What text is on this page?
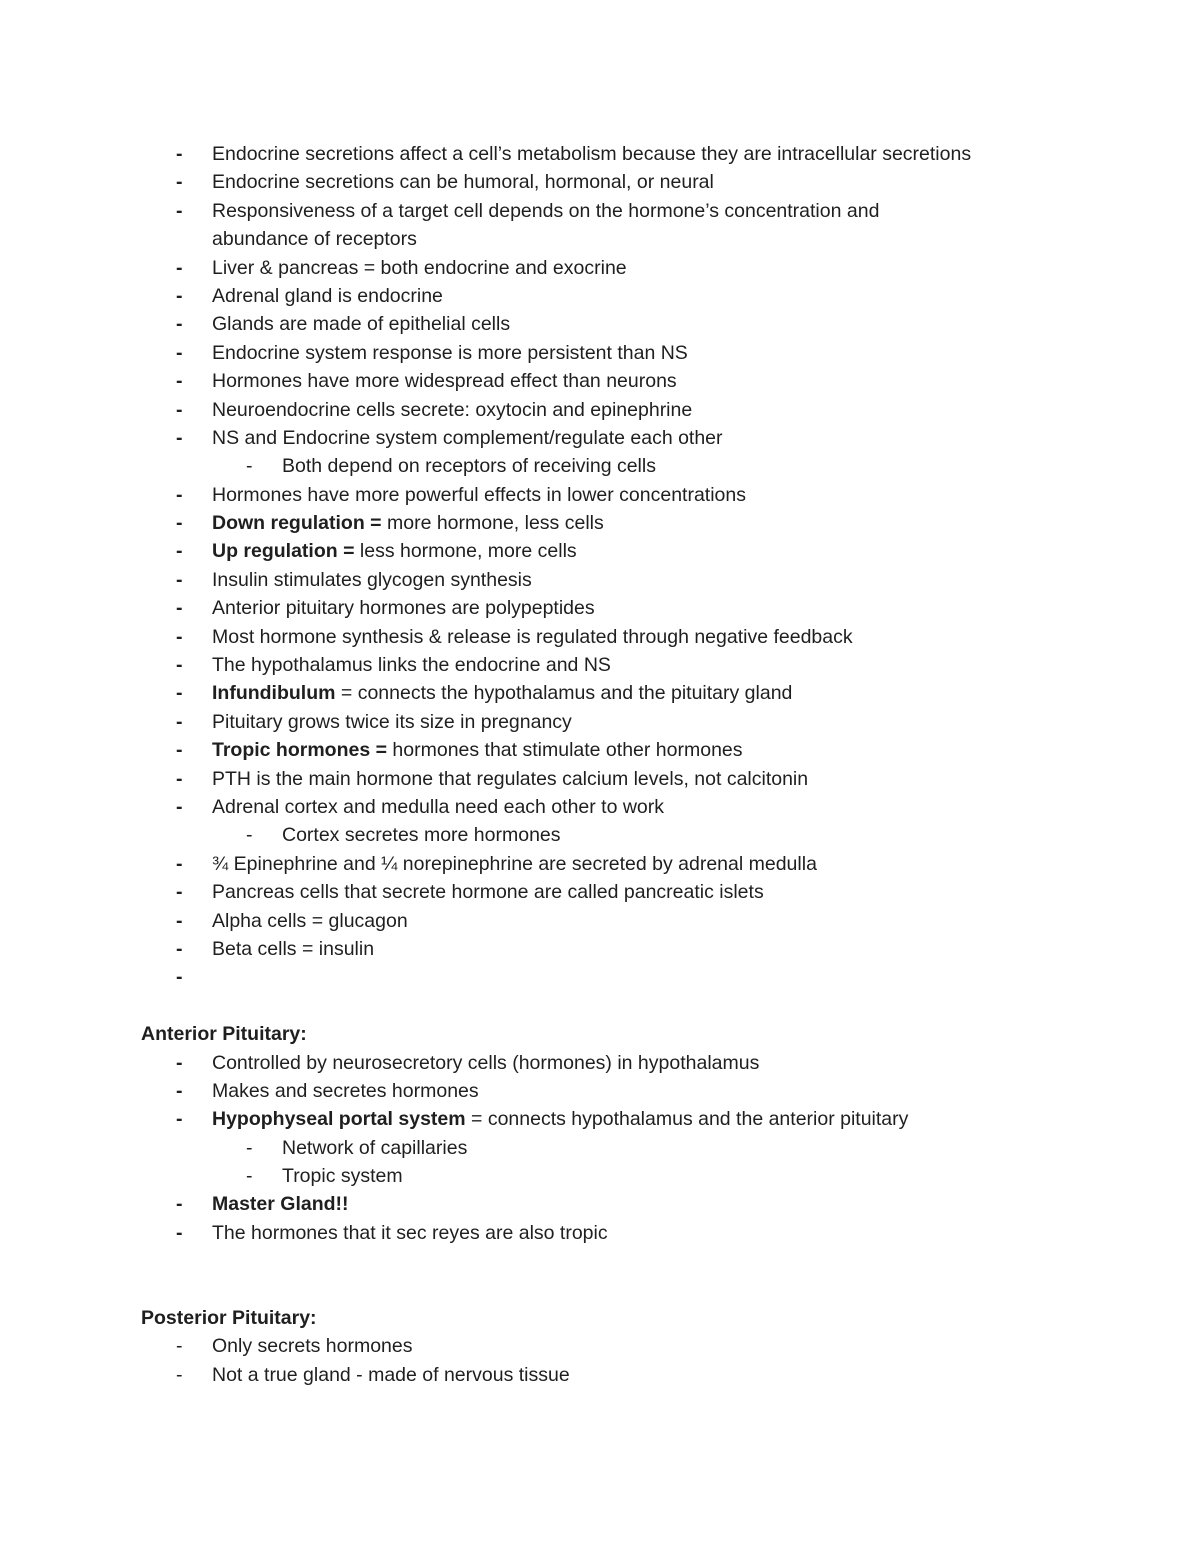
- Endocrine secretions affect a cell’s metabolism because they are intracellular secretions
- Endocrine secretions can be humoral, hormonal, or neural
- Responsiveness of a target cell depends on the hormone’s concentration and abundance of receptors
- Liver & pancreas = both endocrine and exocrine
- Adrenal gland is endocrine
- Glands are made of epithelial cells
- Endocrine system response is more persistent than NS
- Hormones have more widespread effect than neurons
- Neuroendocrine cells secrete: oxytocin and epinephrine
- NS and Endocrine system complement/regulate each other
- Both depend on receptors of receiving cells
- Hormones have more powerful effects in lower concentrations
- Down regulation = more hormone, less cells
- Up regulation = less hormone, more cells
- Insulin stimulates glycogen synthesis
- Anterior pituitary hormones are polypeptides
- Most hormone synthesis & release is regulated through negative feedback
- The hypothalamus links the endocrine and NS
- Infundibulum = connects the hypothalamus and the pituitary gland
- Pituitary grows twice its size in pregnancy
- Tropic hormones = hormones that stimulate other hormones
- PTH is the main hormone that regulates calcium levels, not calcitonin
- Adrenal cortex and medulla need each other to work
- Cortex secretes more hormones
- ¾ Epinephrine and ¼ norepinephrine are secreted by adrenal medulla
- Pancreas cells that secrete hormone are called pancreatic islets
- Alpha cells = glucagon
- Beta cells = insulin
-
Anterior Pituitary:
- Controlled by neurosecretory cells (hormones) in hypothalamus
- Makes and secretes hormones
- Hypophyseal portal system = connects hypothalamus and the anterior pituitary
- Network of capillaries
- Tropic system
- Master Gland!!
- The hormones that it sec reyes are also tropic
Posterior Pituitary:
- Only secrets hormones
- Not a true gland - made of nervous tissue
